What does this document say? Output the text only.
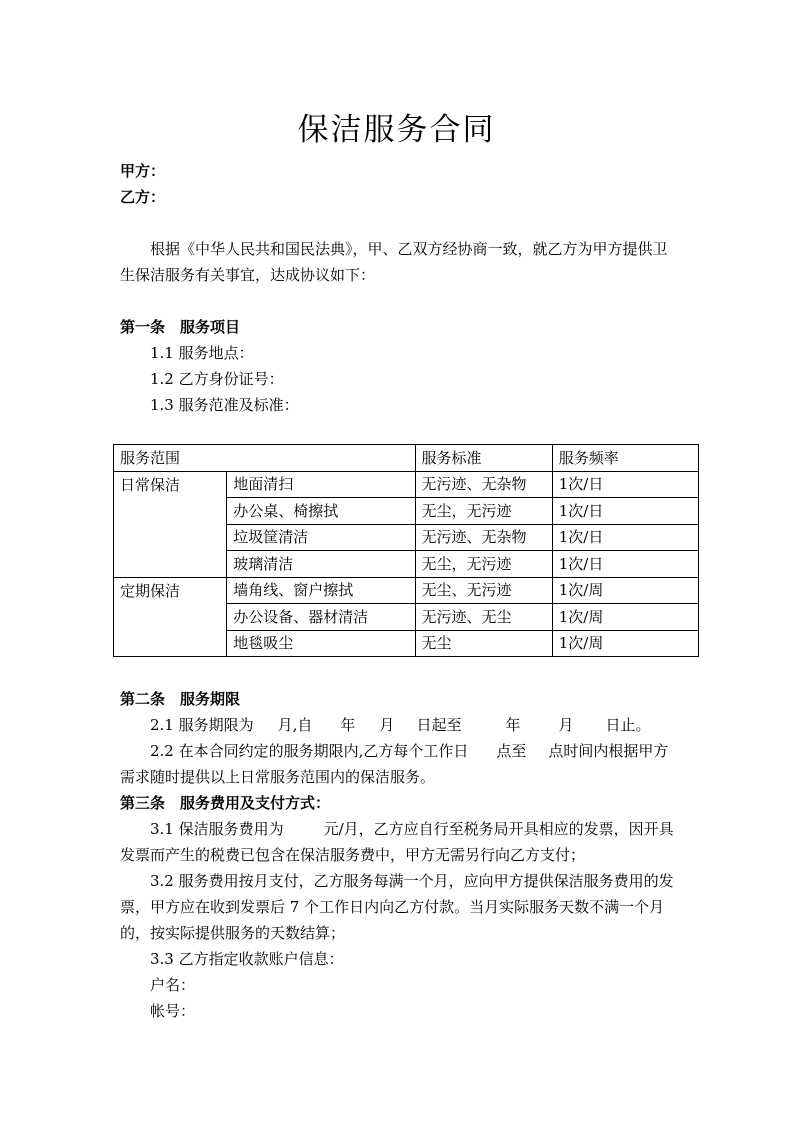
保洁服务合同
甲方：
乙方：
根据《中华人民共和国民法典》，甲、乙双方经协商一致，就乙方为甲方提供卫生保洁服务有关事宜，达成协议如下：
第一条　服务项目
1.1 服务地点：
1.2 乙方身份证号：
1.3 服务范准及标准：
服务范围		服务标准	服务频率
日常保洁	地面清扫	无污迹、无杂物	1次/日
	办公桌、椅擦拭	无尘，无污迹	1次/日
	垃圾筐清洁	无污迹、无杂物	1次/日
	玻璃清洁	无尘，无污迹	1次/日
定期保洁	墙角线、窗户擦拭	无尘、无污迹	1次/周
	办公设备、器材清洁	无污迹、无尘	1次/周
	地毯吸尘	无尘	1次/周
第二条　服务期限
2.1 服务期限为 月,自 年 月 日起至	年	月 日止。
2.2 在本合同约定的服务期限内,乙方每个工作日 点至 点时间内根据甲方需求随时提供以上日常服务范围内的保洁服务。
第三条　服务费用及支付方式：
3.1 保洁服务费用为	元/月，乙方应自行至税务局开具相应的发票，因开具发票而产生的税费已包含在保洁服务费中，甲方无需另行向乙方支付；
3.2 服务费用按月支付，乙方服务每满一个月，应向甲方提供保洁服务费用的发票，甲方应在收到发票后 7 个工作日内向乙方付款。当月实际服务天数不满一个月的，按实际提供服务的天数结算；
3.3 乙方指定收款账户信息：
户名：
帐号：
